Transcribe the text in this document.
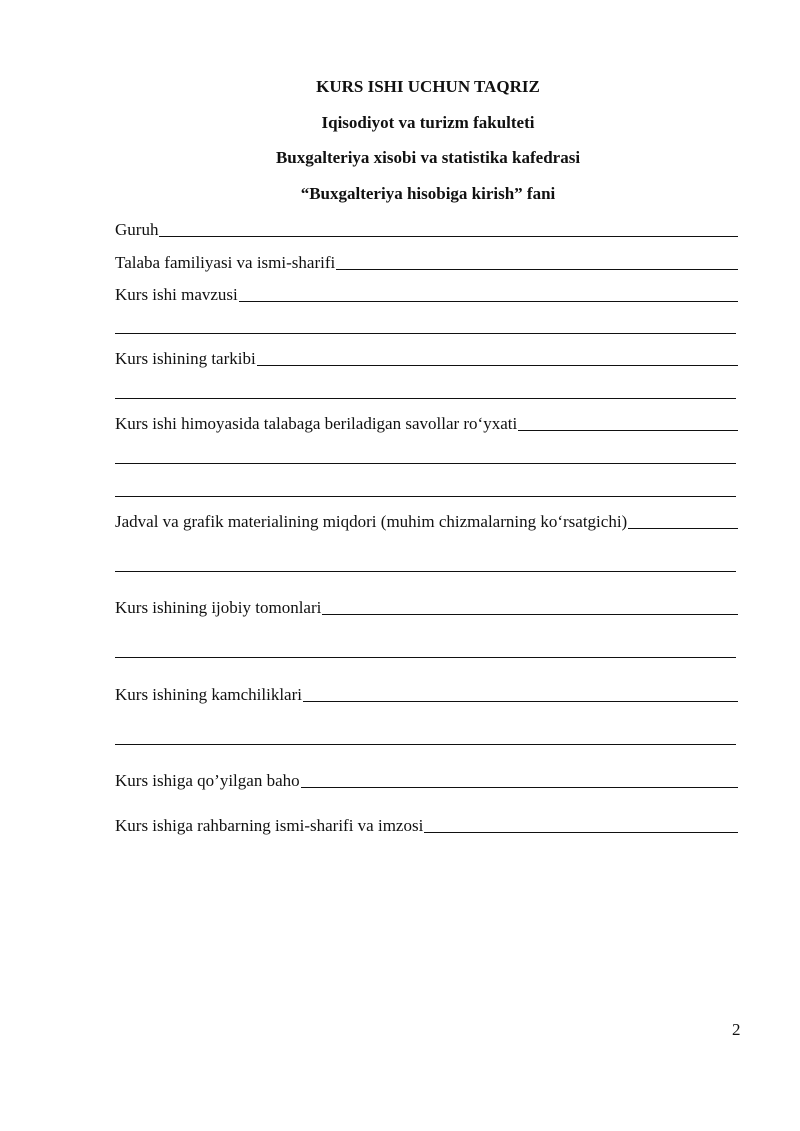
KURS ISHI UCHUN TAQRIZ
Iqisodiyot va turizm fakulteti
Buxgalteriya xisobi va statistika kafedrasi
“Buxgalteriya hisobiga kirish” fani
Guruh
Talaba familiyasi va ismi-sharifi
Kurs ishi mavzusi
Kurs ishining tarkibi
Kurs ishi himoyasida talabaga beriladigan savollar ro‘yxati
Jadval va grafik materialining miqdori (muhim chizmalarning ko‘rsatgichi)
Kurs ishining ijobiy tomonlari
Kurs ishining kamchiliklari
Kurs ishiga qo’yilgan baho
Kurs ishiga rahbarning ismi-sharifi va imzosi
2
